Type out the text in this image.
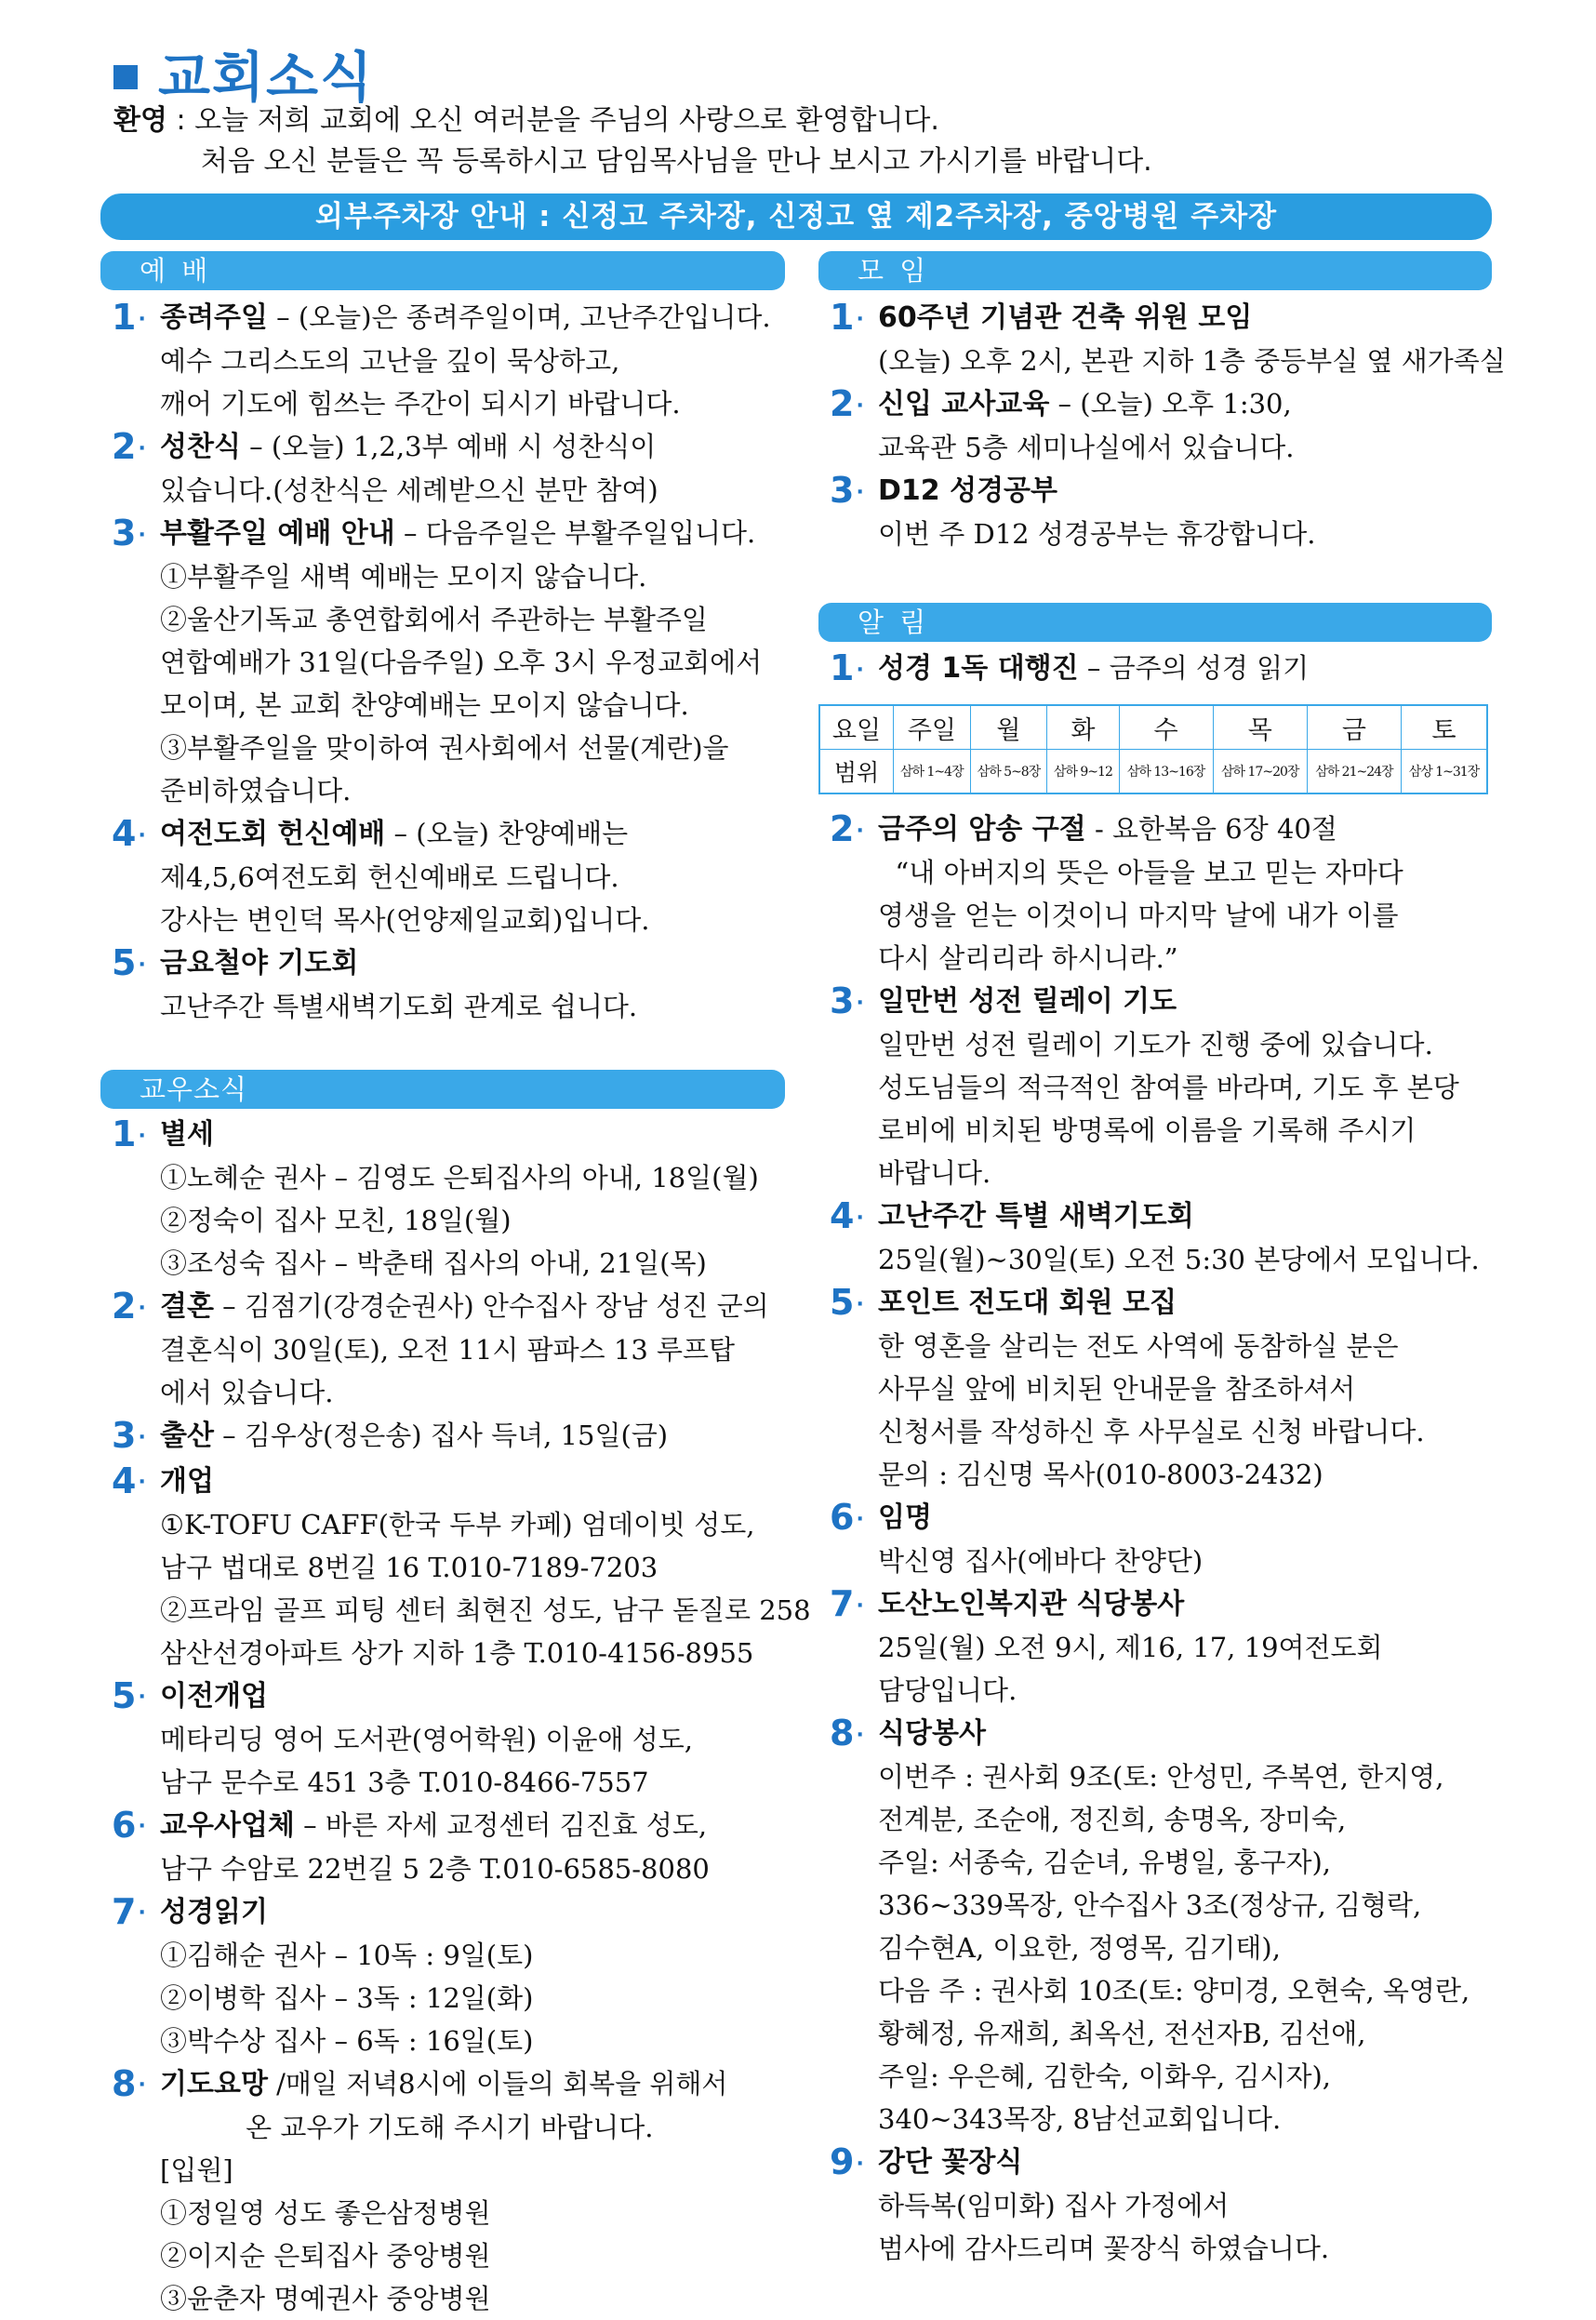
교회소식
환영 : 오늘 저희 교회에 오신 여러분을 주님의 사랑으로 환영합니다.
처음 오신 분들은 꼭 등록하시고 담임목사님을 만나 보시고 가시기를 바랍니다.
외부주차장 안내 : 신정고 주차장, 신정고 옆 제2주차장, 중앙병원 주차장
예 배
교우소식
모 임
알 림
1· 종려주일 – (오늘)은 종려주일이며, 고난주간입니다.
예수 그리스도의 고난을 깊이 묵상하고,
깨어 기도에 힘쓰는 주간이 되시기 바랍니다.
2· 성찬식 – (오늘) 1,2,3부 예배 시 성찬식이
있습니다.(성찬식은 세례받으신 분만 참여)
3· 부활주일 예배 안내 – 다음주일은 부활주일입니다.
①부활주일 새벽 예배는 모이지 않습니다.
②울산기독교 총연합회에서 주관하는 부활주일
연합예배가 31일(다음주일) 오후 3시 우정교회에서
모이며, 본 교회 찬양예배는 모이지 않습니다.
③부활주일을 맞이하여 권사회에서 선물(계란)을
준비하였습니다.
4· 여전도회 헌신예배 – (오늘) 찬양예배는
제4,5,6여전도회 헌신예배로 드립니다.
강사는 변인덕 목사(언양제일교회)입니다.
5· 금요철야 기도회
고난주간 특별새벽기도회 관계로 쉽니다.
1· 별세
①노혜순 권사 – 김영도 은퇴집사의 아내, 18일(월)
②정숙이 집사 모친, 18일(월)
③조성숙 집사 – 박춘태 집사의 아내, 21일(목)
2· 결혼 – 김점기(강경순권사) 안수집사 장남 성진 군의
결혼식이 30일(토), 오전 11시 팜파스 13 루프탑
에서 있습니다.
3· 출산 – 김우상(정은송) 집사 득녀, 15일(금)
4· 개업
①K-TOFU CAFF(한국 두부 카페) 엄데이빗 성도,
남구 법대로 8번길 16 T.010-7189-7203
②프라임 골프 피팅 센터 최현진 성도, 남구 돋질로 258
삼산선경아파트 상가 지하 1층 T.010-4156-8955
5· 이전개업
메타리딩 영어 도서관(영어학원) 이윤애 성도,
남구 문수로 451 3층 T.010-8466-7557
6· 교우사업체 – 바른 자세 교정센터 김진효 성도,
남구 수암로 22번길 5 2층 T.010-6585-8080
7· 성경읽기
①김해순 권사 – 10독 : 9일(토)
②이병학 집사 – 3독 : 12일(화)
③박수상 집사 – 6독 : 16일(토)
8· 기도요망 /매일 저녁8시에 이들의 회복을 위해서
온 교우가 기도해 주시기 바랍니다.
[입원]
①정일영 성도 좋은삼정병원
②이지순 은퇴집사 중앙병원
③윤춘자 명예권사 중앙병원
1· 60주년 기념관 건축 위원 모임
(오늘) 오후 2시, 본관 지하 1층 중등부실 옆 새가족실
2· 신입 교사교육 – (오늘) 오후 1:30,
교육관 5층 세미나실에서 있습니다.
3· D12 성경공부
이번 주 D12 성경공부는 휴강합니다.
1· 성경 1독 대행진 – 금주의 성경 읽기
요일	주일	월	화	수	목	금	토
범위	삼하 1~4장	삼하 5~8장	삼하 9~12	삼하 13~16장	삼하 17~20장	삼하 21~24장	삼상 1~31장
2· 금주의 암송 구절 - 요한복음 6장 40절
“내 아버지의 뜻은 아들을 보고 믿는 자마다
영생을 얻는 이것이니 마지막 날에 내가 이를
다시 살리리라 하시니라.”
3· 일만번 성전 릴레이 기도
일만번 성전 릴레이 기도가 진행 중에 있습니다.
성도님들의 적극적인 참여를 바라며, 기도 후 본당
로비에 비치된 방명록에 이름을 기록해 주시기
바랍니다.
4· 고난주간 특별 새벽기도회
25일(월)~30일(토) 오전 5:30 본당에서 모입니다.
5· 포인트 전도대 회원 모집
한 영혼을 살리는 전도 사역에 동참하실 분은
사무실 앞에 비치된 안내문을 참조하셔서
신청서를 작성하신 후 사무실로 신청 바랍니다.
문의 : 김신명 목사(010-8003-2432)
6· 임명
박신영 집사(에바다 찬양단)
7· 도산노인복지관 식당봉사
25일(월) 오전 9시, 제16, 17, 19여전도회
담당입니다.
8· 식당봉사
이번주 : 권사회 9조(토: 안성민, 주복연, 한지영,
전계분, 조순애, 정진희, 송명옥, 장미숙,
주일: 서종숙, 김순녀, 유병일, 홍구자),
336~339목장, 안수집사 3조(정상규, 김형락,
김수현A, 이요한, 정영목, 김기태),
다음 주 : 권사회 10조(토: 양미경, 오현숙, 옥영란,
황혜정, 유재희, 최옥선, 전선자B, 김선애,
주일: 우은혜, 김한숙, 이화우, 김시자),
340~343목장, 8남선교회입니다.
9· 강단 꽃장식
하득복(임미화) 집사 가정에서
범사에 감사드리며 꽃장식 하였습니다.
